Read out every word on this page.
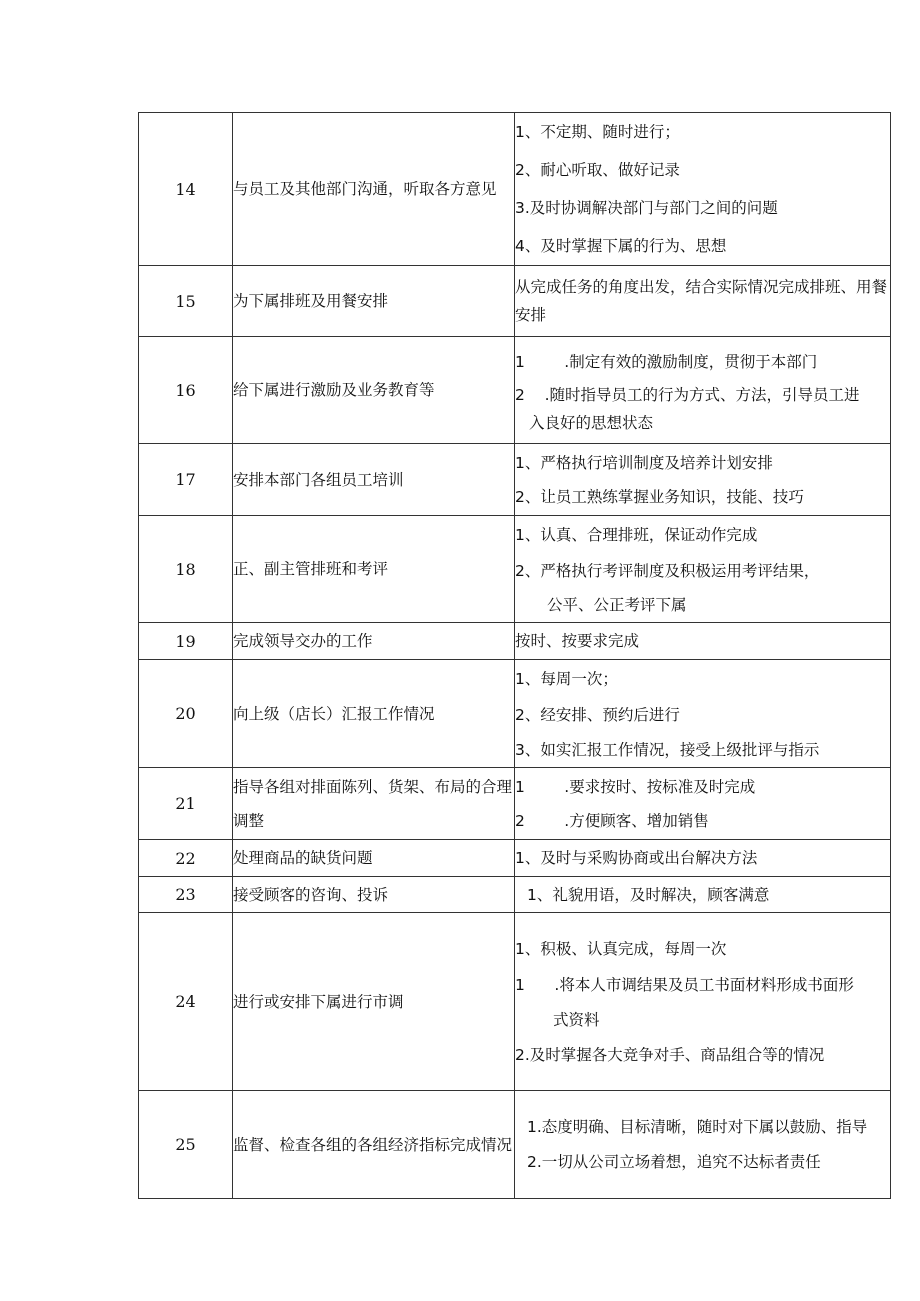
14	与员工及其他部门沟通，听取各方意见	1、不定期、随时进行；
2、耐心听取、做好记录
3.及时协调解决部门与部门之间的问题
4、及时掌握下属的行为、思想

15	为下属排班及用餐安排	从完成任务的角度出发，结合实际情况完成排班、用餐安排

16	给下属进行激励及业务教育等	1        .制定有效的激励制度，贯彻于本部门
2    .随时指导员工的行为方式、方法，引导员工进
入良好的思想状态

17	安排本部门各组员工培训	1、严格执行培训制度及培养计划安排
2、让员工熟练掌握业务知识，技能、技巧

18	正、副主管排班和考评	1、认真、合理排班，保证动作完成
2、严格执行考评制度及积极运用考评结果，
公平、公正考评下属

19	完成领导交办的工作	按时、按要求完成

20	向上级（店长）汇报工作情况	1、每周一次；
2、经安排、预约后进行
3、如实汇报工作情况，接受上级批评与指示

21	指导各组对排面陈列、货架、布局的合理调整	1        .要求按时、按标准及时完成
2        .方便顾客、增加销售

22	处理商品的缺货问题	1、及时与采购协商或出台解决方法

23	接受顾客的咨询、投诉	1、礼貌用语，及时解决，顾客满意

24	进行或安排下属进行市调	1、积极、认真完成，每周一次
1      .将本人市调结果及员工书面材料形成书面形
式资料
2.及时掌握各大竞争对手、商品组合等的情况

25	监督、检查各组的各组经济指标完成情况	1.态度明确、目标清晰，随时对下属以鼓励、指导
2.一切从公司立场着想，追究不达标者责任
